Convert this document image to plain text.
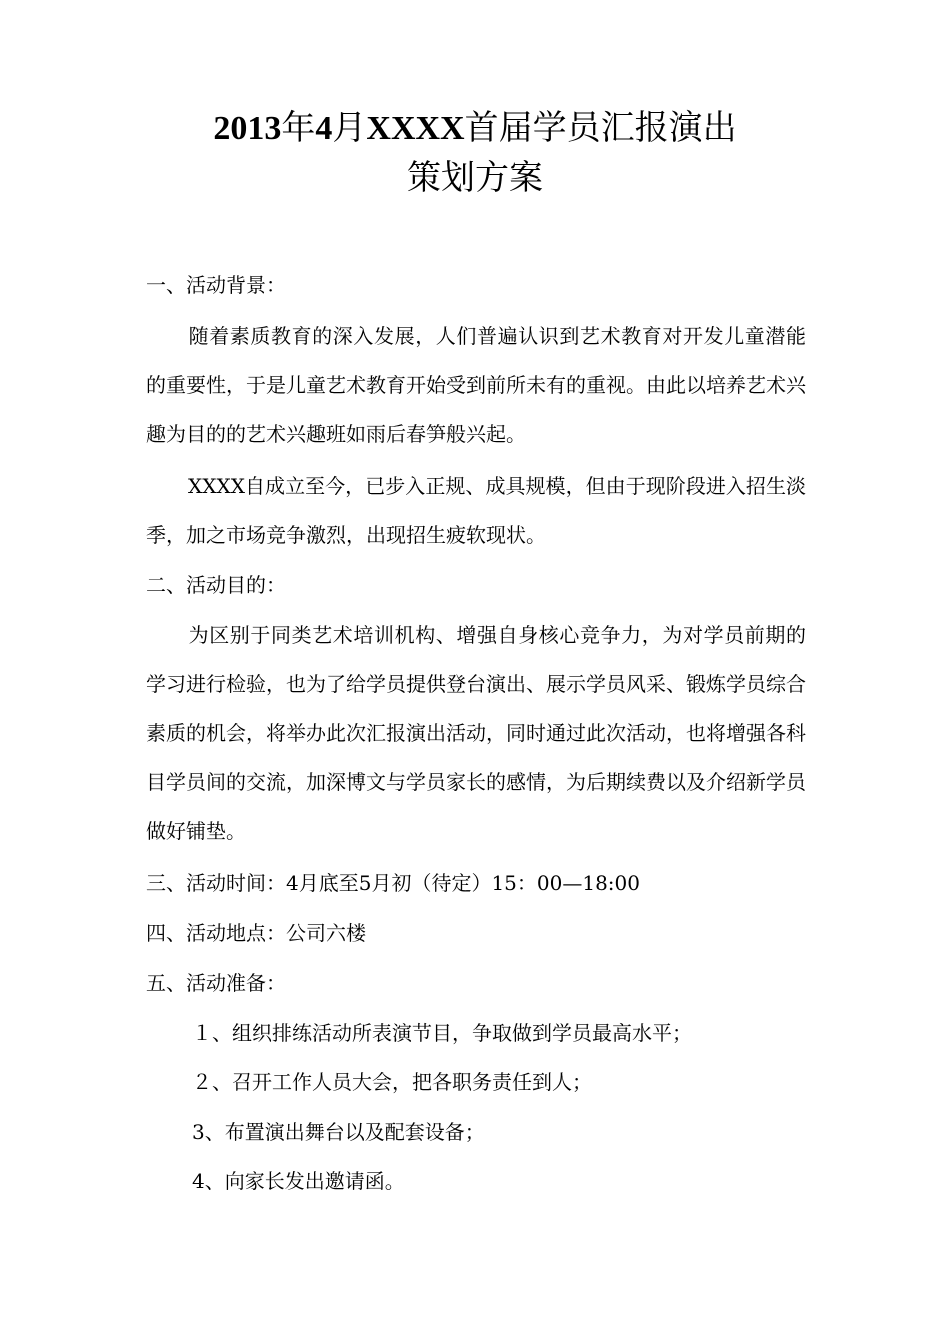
2013年4月XXXX首届学员汇报演出
策划方案
一、活动背景：
随着素质教育的深入发展，人们普遍认识到艺术教育对开发儿童潜能的重要性，于是儿童艺术教育开始受到前所未有的重视。由此以培养艺术兴趣为目的的艺术兴趣班如雨后春笋般兴起。
XXXX自成立至今，已步入正规、成具规模，但由于现阶段进入招生淡季，加之市场竞争激烈，出现招生疲软现状。
二、活动目的：
为区别于同类艺术培训机构、增强自身核心竞争力，为对学员前期的学习进行检验，也为了给学员提供登台演出、展示学员风采、锻炼学员综合素质的机会，将举办此次汇报演出活动，同时通过此次活动，也将增强各科目学员间的交流，加深博文与学员家长的感情，为后期续费以及介绍新学员做好铺垫。
三、活动时间：4月底至5月初（待定）15：00—18:00
四、活动地点：公司六楼
五、活动准备：
１、组织排练活动所表演节目，争取做到学员最高水平；
２、召开工作人员大会，把各职务责任到人；
3、布置演出舞台以及配套设备；
4、向家长发出邀请函。
